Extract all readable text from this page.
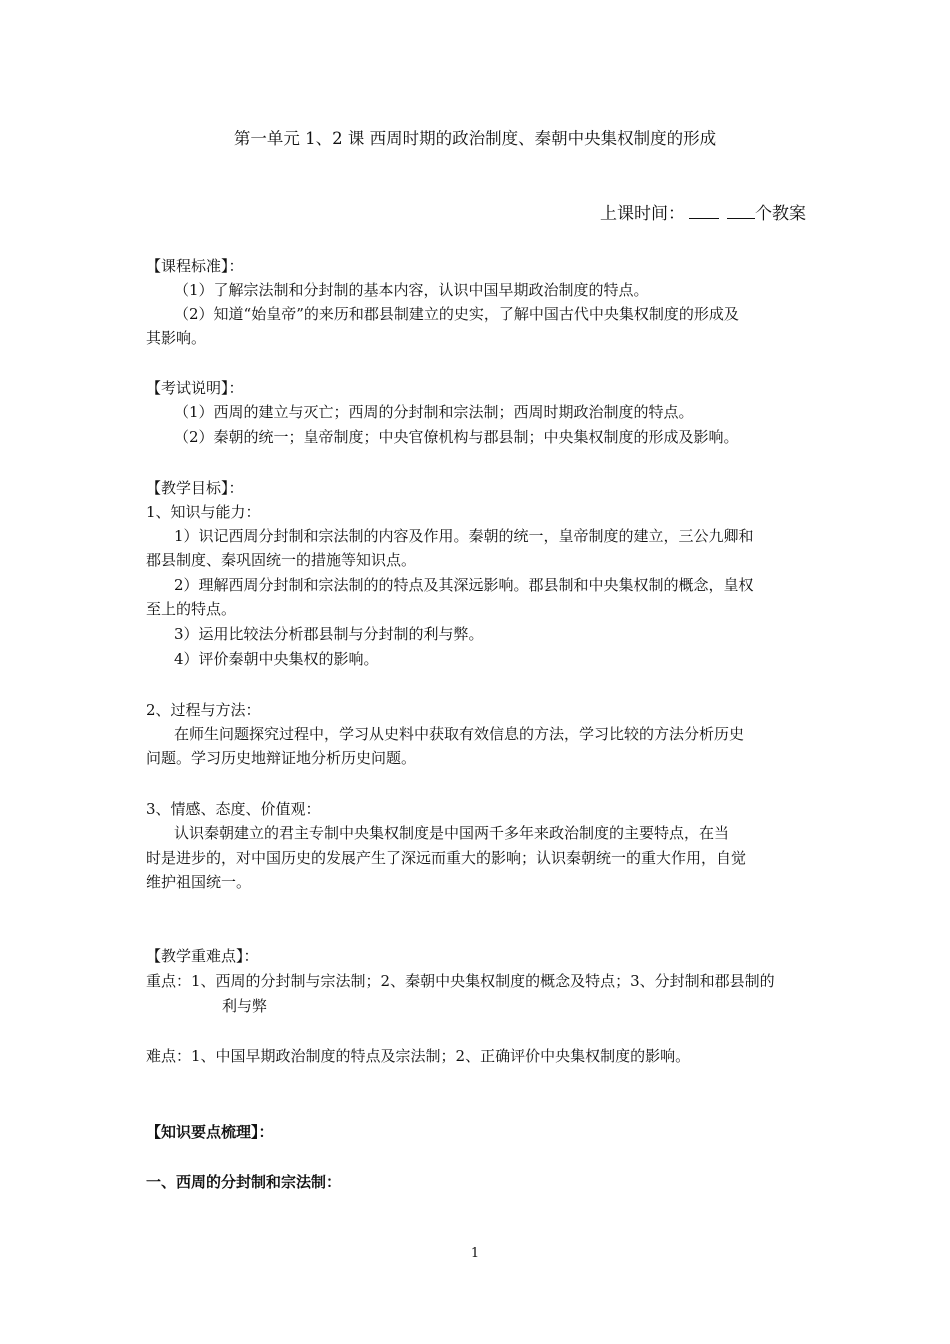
第一单元 1、2 课 西周时期的政治制度、秦朝中央集权制度的形成
上课时间：	个教案
【课程标准】：
（1）了解宗法制和分封制的基本内容，认识中国早期政治制度的特点。
（2）知道“始皇帝”的来历和郡县制建立的史实，了解中国古代中央集权制度的形成及
其影响。
【考试说明】：
（1）西周的建立与灭亡；西周的分封制和宗法制；西周时期政治制度的特点。
（2）秦朝的统一；皇帝制度；中央官僚机构与郡县制；中央集权制度的形成及影响。
【教学目标】：
1、知识与能力：
1）识记西周分封制和宗法制的内容及作用。秦朝的统一，皇帝制度的建立，三公九卿和
郡县制度、秦巩固统一的措施等知识点。
2）理解西周分封制和宗法制的的特点及其深远影响。郡县制和中央集权制的概念，皇权
至上的特点。
3）运用比较法分析郡县制与分封制的利与弊。
4）评价秦朝中央集权的影响。
2、过程与方法：
在师生问题探究过程中，学习从史料中获取有效信息的方法，学习比较的方法分析历史
问题。学习历史地辩证地分析历史问题。
3、情感、态度、价值观：
认识秦朝建立的君主专制中央集权制度是中国两千多年来政治制度的主要特点，在当
时是进步的，对中国历史的发展产生了深远而重大的影响；认识秦朝统一的重大作用，自觉
维护祖国统一。
【教学重难点】：
重点：1、西周的分封制与宗法制；2、秦朝中央集权制度的概念及特点；3、分封制和郡县制的
利与弊
难点：1、中国早期政治制度的特点及宗法制；2、正确评价中央集权制度的影响。
【知识要点梳理】：
一、西周的分封制和宗法制：
1
